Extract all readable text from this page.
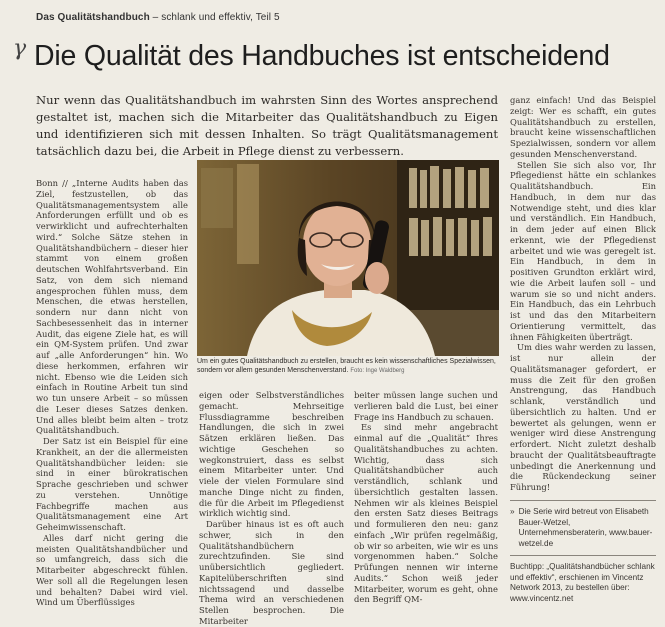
Das Qualitätshandbuch – schlank und effektiv, Teil 5
γ Die Qualität des Handbuches ist entscheidend
Nur wenn das Qualitätshandbuch im wahrsten Sinn des Wortes ansprechend gestaltet ist, machen sich die Mitarbeiter das Qualitätshandbuch zu Eigen und identifizieren sich mit dessen Inhalten. So trägt Qualitätsmanagement tatsächlich dazu bei, die Arbeit in Pflege dienst zu verbessern.

Bonn // „Interne Audits haben das Ziel, festzustellen, ob das Qualitätsmanagementsystem alle Anforderungen erfüllt und ob es verwirklicht und aufrechterhalten wird.“ Solche Sätze stehen in Qualitätshandbüchern – dieser hier stammt von einem großen deutschen Wohlfahrtsverband. Ein Satz, von dem sich niemand angesprochen fühlen muss, dem Menschen, die etwas herstellen, sondern nur dann nicht von Sachbesessenheit das in interner Audit, das eigene Ziele hat, es will ein QM-System prüfen. Und zwar auf „alle Anforderungen“ hin. Wo diese herkommen, erfahren wir nicht. Ebenso wie die Leiden sich einfach in Routine Arbeit tun sind wo tun unsere Arbeit – so müssen die Leser dieses Satzes denken. Und alles bleibt beim alten – trotz Qualitätshandbuch.

Der Satz ist ein Beispiel für eine Krankheit, an der die allermeisten Qualitätshandbücher leiden: sie sind in einer bürokratischen Sprache geschrieben und schwer zu verstehen. Unnötige Fachbegriffe machen aus Qualitätsmanagement eine Art Geheimwissenschaft.

Alles darf nicht gering die meisten Qualitätshandbücher und so umfangreich, dass sich die Mitarbeiter abgeschreckt fühlen. Wer soll all die Regelungen lesen und behalten? Dabei wird viel. Wind um Überflüssiges

Um ein gutes Qualitätshandbuch zu erstellen, braucht es kein wissenschaftliches Spezialwissen, sondern vor allem gesunden Menschenverstand. Foto: Inge Waldberg

eigen oder Selbstverständliches gemacht. Mehrseitige Flussdiagramme beschreiben Handlungen, die sich in zwei Sätzen erklären ließen. Das wichtige Geschehen so wegkonstruiert, dass es selbst einem Mitarbeiter unter. Und viele der vielen Formulare sind manche Dinge nicht zu finden, die für die Arbeit im Pflegedienst wirklich wichtig sind.

Darüber hinaus ist es oft auch schwer, sich in den Qualitätshandbüchern zurechtzufinden. Sie sind unübersichtlich gegliedert. Kapitelüberschriften sind nichtssagend und dasselbe Thema wird an verschiedenen Stellen besprochen. Die Mitarbeiter

beiter müssen lange suchen und verlieren bald die Lust, bei einer Frage ins Handbuch zu schauen.

Es sind mehr angebracht einmal auf die „Qualität“ Ihres Qualitätshandbuches zu achten. Wichtig, dass sich Qualitätshandbücher auch verständlich, schlank und übersichtlich gestalten lassen. Nehmen wir als kleines Beispiel den ersten Satz dieses Beitrags und formulieren den neu: ganz einfach „Wir prüfen regelmäßig, ob wir so arbeiten, wie wir es uns vorgenommen haben.“ Solche Prüfungen nennen wir interne Audits.“ Schon weiß jeder Mitarbeiter, worum es geht, ohne den Begriff QM-

ganz einfach! Und das Beispiel zeigt: Wer es schafft, ein gutes Qualitätshandbuch zu erstellen, braucht keine wissenschaftlichen Spezialwissen, sondern vor allem gesunden Menschenverstand.

Stellen Sie sich also vor, Ihr Pflegedienst hätte ein schlankes Qualitätshandbuch. Ein Handbuch, in dem nur das Notwendige steht, und dies klar und verständlich. Ein Handbuch, in dem jeder auf einen Blick erkennt, wie der Pflegedienst arbeitet und wie was geregelt ist. Ein Handbuch, in dem in positiven Grundton erklärt wird, wie die Arbeit laufen soll – und warum sie so und nicht anders. Ein Handbuch, das ein Lehrbuch ist und das den Mitarbeitern Orientierung vermittelt, das ihnen Fähigkeiten überträgt.

Um dies wahr werden zu lassen, ist nur allein der Qualitätsmanager gefordert, er muss die Zeit für den großen Anstrengung, das Handbuch schlank, verständlich und übersichtlich zu halten. Und er bewertet als gelungen, wenn er weniger wird diese Anstrengung erfordert. Nicht zuletzt deshalb braucht der Qualitätsbeauftragte unbedingt die Anerkennung und die Rückendeckung seiner Führung!

» Die Serie wird betreut von Elisabeth Bauer-Wetzel, Unternehmensberaterin, www.bauer-wetzel.de
Buchtipp: „Qualitätshandbücher schlank und effektiv“, erschienen im Vincentz Network 2013, zu bestellen über: www.vincentz.net
